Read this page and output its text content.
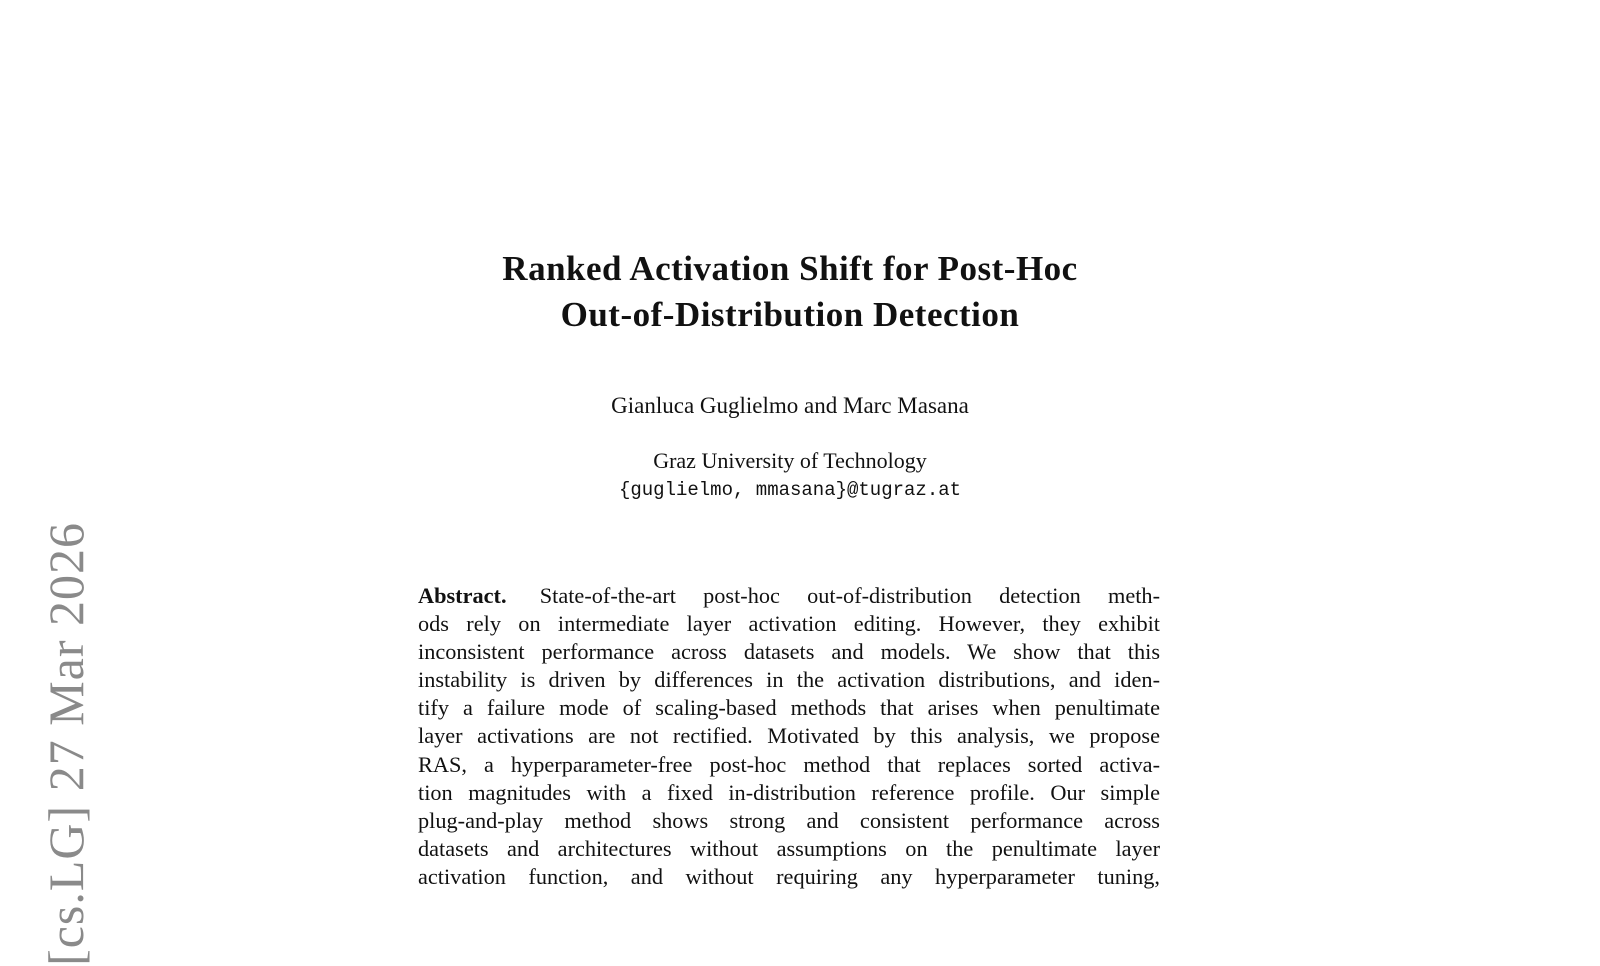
[cs.LG] 27 Mar 2026
Ranked Activation Shift for Post-Hoc
Out-of-Distribution Detection
Gianluca Guglielmo and Marc Masana
Graz University of Technology
{guglielmo, mmasana}@tugraz.at
Abstract. State-of-the-art post-hoc out-of-distribution detection meth-
ods rely on intermediate layer activation editing. However, they exhibit
inconsistent performance across datasets and models. We show that this
instability is driven by differences in the activation distributions, and iden-
tify a failure mode of scaling-based methods that arises when penultimate
layer activations are not rectified. Motivated by this analysis, we propose
RAS, a hyperparameter-free post-hoc method that replaces sorted activa-
tion magnitudes with a fixed in-distribution reference profile. Our simple
plug-and-play method shows strong and consistent performance across
datasets and architectures without assumptions on the penultimate layer
activation function, and without requiring any hyperparameter tuning,
